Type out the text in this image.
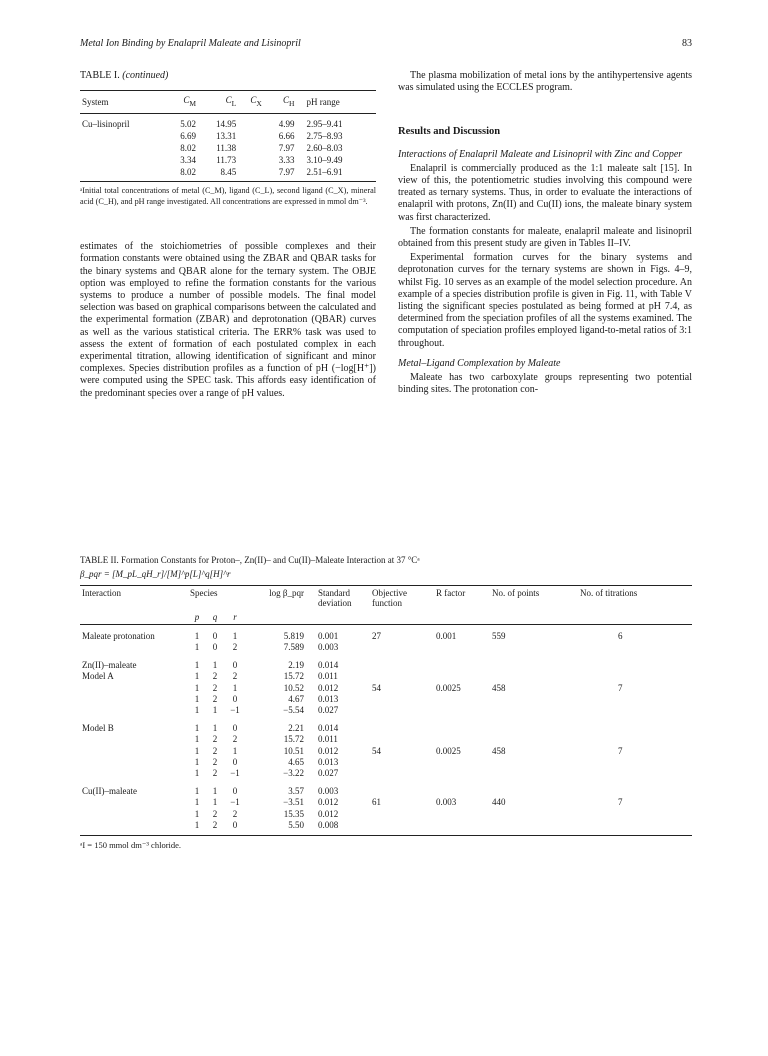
Metal Ion Binding by Enalapril Maleate and Lisinopril	83
TABLE I. (continued)
System	$C_M$	$C_L$	$C_X$	$C_H$	pH range

Cu–lisinopril	5.02	14.95		4.99	2.95–9.41
	6.69	13.31		6.66	2.75–8.93
	8.02	11.38		7.97	2.60–8.03
	3.34	11.73		3.33	3.10–9.49
	8.02	8.45		7.97	2.51–6.91

ᵃInitial total concentrations of metal (C_M), ligand (C_L), second ligand (C_X), mineral acid (C_H), and pH range investigated. All concentrations are expressed in mmol dm⁻³.

estimates of the stoichiometries of possible complexes and their formation constants were obtained using the ZBAR and QBAR tasks for the binary systems and QBAR alone for the ternary system. The OBJE option was employed to refine the formation constants for the various systems to produce a number of possible models. The final model selection was based on graphical comparisons between the calculated and the experimental formation (ZBAR) and deprotonation (QBAR) curves as well as the various statistical criteria. The ERR% task was used to assess the extent of formation of each postulated complex in each experimental titration, allowing identification of significant and minor complexes. Species distribution profiles as a function of pH (−log[H⁺]) were computed using the SPEC task. This affords easy identification of the predominant species over a range of pH values.

The plasma mobilization of metal ions by the antihypertensive agents was simulated using the ECCLES program.

Results and Discussion
Interactions of Enalapril Maleate and Lisinopril with Zinc and Copper

Enalapril is commercially produced as the 1:1 maleate salt [15]. In view of this, the potentiometric studies involving this compound were treated as ternary systems. Thus, in order to evaluate the interactions of enalapril with protons, Zn(II) and Cu(II) ions, the maleate binary system was first characterized.

The formation constants for maleate, enalapril maleate and lisinopril obtained from this present study are given in Tables II–IV.

Experimental formation curves for the binary systems and deprotonation curves for the ternary systems are shown in Figs. 4–9, whilst Fig. 10 serves as an example of the model selection procedure. An example of a species distribution profile is given in Fig. 11, with Table V listing the significant species postulated as being formed at pH 7.4, as determined from the speciation profiles of all the systems examined. The computation of speciation profiles employed ligand-to-metal ratios of 3:1 throughout.

Metal–Ligand Complexation by Maleate

Maleate has two carboxylate groups representing two potential binding sites. The protonation con-

TABLE II. Formation Constants for Proton–, Zn(II)– and Cu(II)–Maleate Interaction at 37 °Cᵃ
β_pqr = [M_pL_qH_r]/[M]^p[L]^q[H]^r
Interaction	Species			log β_pqr	Standard deviation	Objective function	R factor	No. of points	No. of titrations
	p	q	r						

Maleate protonation	1	0	1	5.819	0.001	27	0.001	559	6
	1	0	2	7.589	0.003				

Zn(II)–maleate	1	1	0	2.19	0.014				
Model A	1	2	2	15.72	0.011				
	1	2	1	10.52	0.012	54	0.0025	458	7
	1	2	0	4.67	0.013				
	1	1	−1	−5.54	0.027				

Model B	1	1	0	2.21	0.014				
	1	2	2	15.72	0.011				
	1	2	1	10.51	0.012	54	0.0025	458	7
	1	2	0	4.65	0.013				
	1	2	−1	−3.22	0.027				

Cu(II)–maleate	1	1	0	3.57	0.003				
	1	1	−1	−3.51	0.012	61	0.003	440	7
	1	2	2	15.35	0.012				
	1	2	0	5.50	0.008				
ᵃI = 150 mmol dm⁻³ chloride.
